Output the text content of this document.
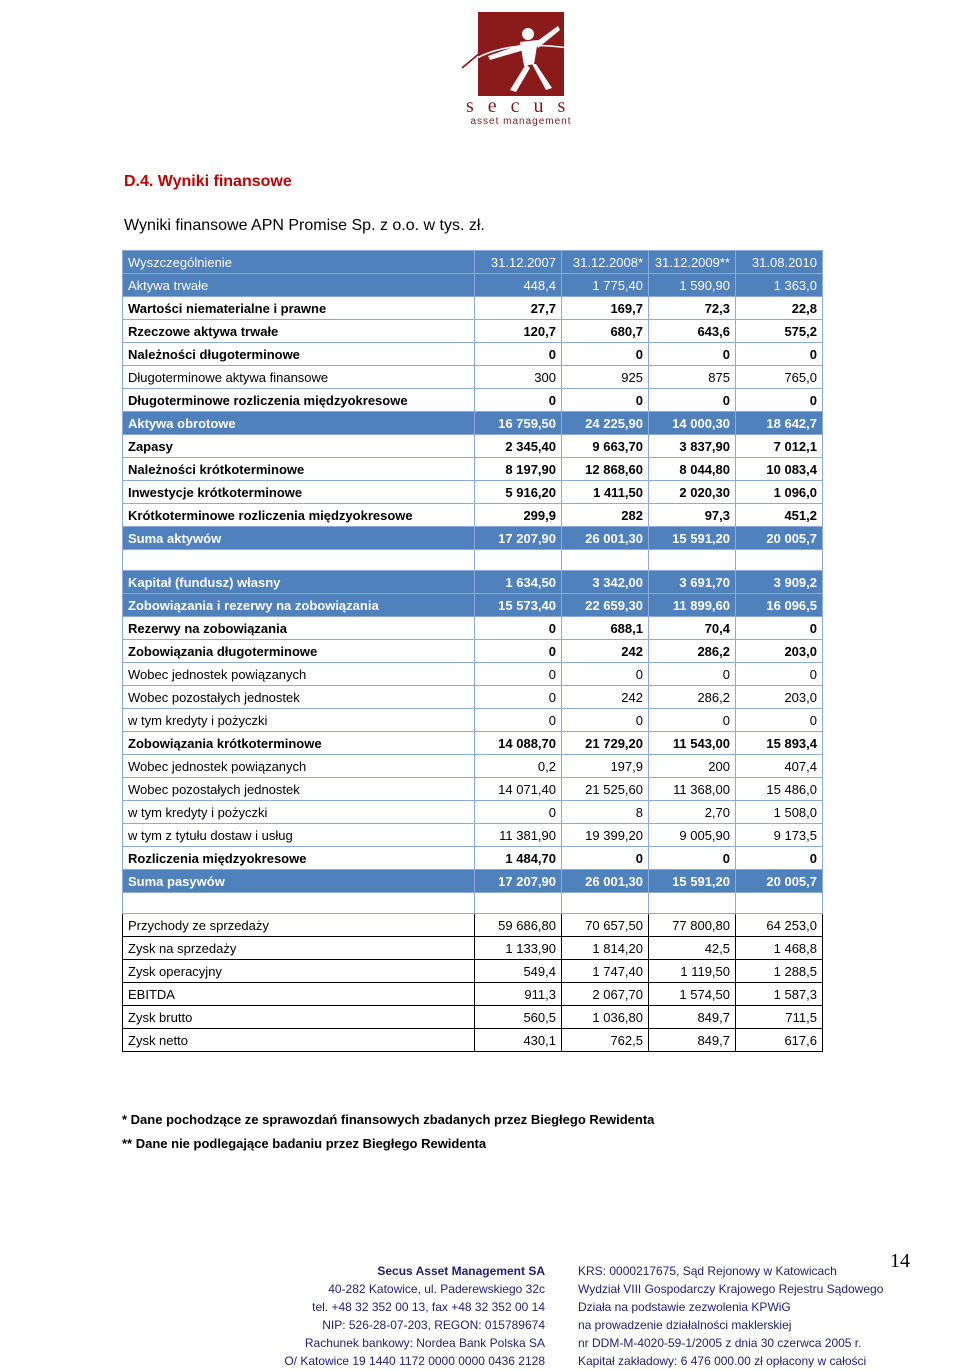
secus
asset management
D.4. Wyniki finansowe
Wyniki finansowe APN Promise Sp. z o.o. w tys. zł.
Wyszczególnienie	31.12.2007	31.12.2008*	31.12.2009**	31.08.2010
Aktywa trwałe	448,4	1 775,40	1 590,90	1 363,0
Wartości niematerialne i prawne	27,7	169,7	72,3	22,8
Rzeczowe aktywa trwałe	120,7	680,7	643,6	575,2
Należności długoterminowe	0	0	0	0
Długoterminowe aktywa finansowe	300	925	875	765,0
Długoterminowe rozliczenia międzyokresowe	0	0	0	0
Aktywa obrotowe	16 759,50	24 225,90	14 000,30	18 642,7
Zapasy	2 345,40	9 663,70	3 837,90	7 012,1
Należności krótkoterminowe	8 197,90	12 868,60	8 044,80	10 083,4
Inwestycje krótkoterminowe	5 916,20	1 411,50	2 020,30	1 096,0
Krótkoterminowe rozliczenia międzyokresowe	299,9	282	97,3	451,2
Suma aktywów	17 207,90	26 001,30	15 591,20	20 005,7

Kapitał (fundusz) własny	1 634,50	3 342,00	3 691,70	3 909,2
Zobowiązania i rezerwy na zobowiązania	15 573,40	22 659,30	11 899,60	16 096,5
Rezerwy na zobowiązania	0	688,1	70,4	0
Zobowiązania długoterminowe	0	242	286,2	203,0
Wobec jednostek powiązanych	0	0	0	0
Wobec pozostałych jednostek	0	242	286,2	203,0
w tym kredyty i pożyczki	0	0	0	0
Zobowiązania krótkoterminowe	14 088,70	21 729,20	11 543,00	15 893,4
Wobec jednostek powiązanych	0,2	197,9	200	407,4
Wobec pozostałych jednostek	14 071,40	21 525,60	11 368,00	15 486,0
w tym kredyty i pożyczki	0	8	2,70	1 508,0
w tym z tytułu dostaw i usług	11 381,90	19 399,20	9 005,90	9 173,5
Rozliczenia międzyokresowe	1 484,70	0	0	0
Suma pasywów	17 207,90	26 001,30	15 591,20	20 005,7

Przychody ze sprzedaży	59 686,80	70 657,50	77 800,80	64 253,0
Zysk na sprzedaży	1 133,90	1 814,20	42,5	1 468,8
Zysk operacyjny	549,4	1 747,40	1 119,50	1 288,5
EBITDA	911,3	2 067,70	1 574,50	1 587,3
Zysk brutto	560,5	1 036,80	849,7	711,5
Zysk netto	430,1	762,5	849,7	617,6
* Dane pochodzące ze sprawozdań finansowych zbadanych przez Biegłego Rewidenta
** Dane nie podlegające badaniu przez Biegłego Rewidenta
14
Secus Asset Management SA
40-282 Katowice, ul. Paderewskiego 32c
tel. +48 32 352 00 13, fax +48 32 352 00 14
NIP: 526-28-07-203, REGON: 015789674
Rachunek bankowy: Nordea Bank Polska SA
O/ Katowice 19 1440 1172 0000 0000 0436 2128
KRS: 0000217675, Sąd Rejonowy w Katowicach
Wydział VIII Gospodarczy Krajowego Rejestru Sądowego
Działa na podstawie zezwolenia KPWiG
na prowadzenie działalności maklerskiej
nr DDM-M-4020-59-1/2005 z dnia 30 czerwca 2005 r.
Kapitał zakładowy: 6 476 000.00 zł opłacony w całości
